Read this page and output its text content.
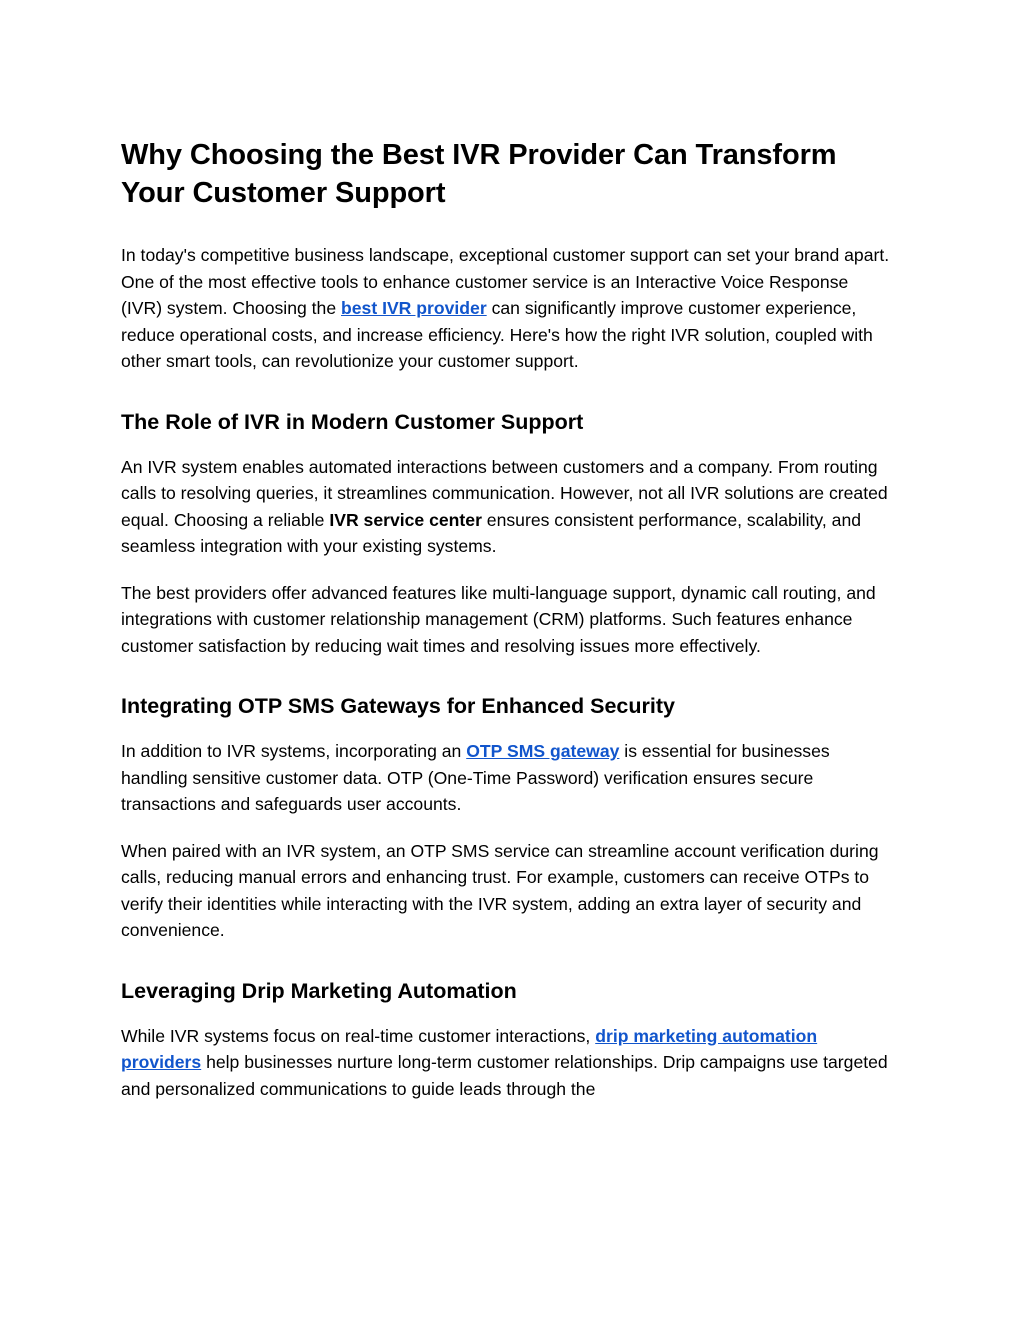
Why Choosing the Best IVR Provider Can Transform Your Customer Support

In today's competitive business landscape, exceptional customer support can set your brand apart. One of the most effective tools to enhance customer service is an Interactive Voice Response (IVR) system. Choosing the best IVR provider can significantly improve customer experience, reduce operational costs, and increase efficiency. Here's how the right IVR solution, coupled with other smart tools, can revolutionize your customer support.

The Role of IVR in Modern Customer Support

An IVR system enables automated interactions between customers and a company. From routing calls to resolving queries, it streamlines communication. However, not all IVR solutions are created equal. Choosing a reliable IVR service center ensures consistent performance, scalability, and seamless integration with your existing systems.

The best providers offer advanced features like multi-language support, dynamic call routing, and integrations with customer relationship management (CRM) platforms. Such features enhance customer satisfaction by reducing wait times and resolving issues more effectively.

Integrating OTP SMS Gateways for Enhanced Security

In addition to IVR systems, incorporating an OTP SMS gateway is essential for businesses handling sensitive customer data. OTP (One-Time Password) verification ensures secure transactions and safeguards user accounts.

When paired with an IVR system, an OTP SMS service can streamline account verification during calls, reducing manual errors and enhancing trust. For example, customers can receive OTPs to verify their identities while interacting with the IVR system, adding an extra layer of security and convenience.

Leveraging Drip Marketing Automation

While IVR systems focus on real-time customer interactions, drip marketing automation providers help businesses nurture long-term customer relationships. Drip campaigns use targeted and personalized communications to guide leads through the
